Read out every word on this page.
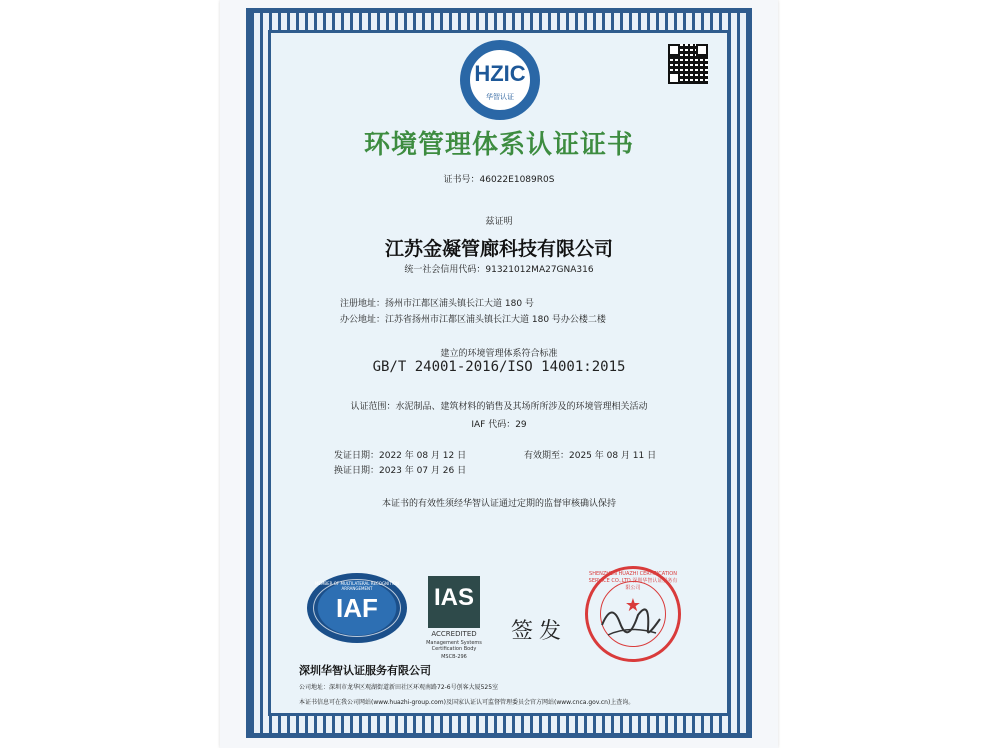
HZIC
华智认证
环境管理体系认证证书
证书号：46022E1089R0S
兹证明
江苏金凝管廊科技有限公司
统一社会信用代码：91321012MA27GNA316
注册地址：扬州市江都区浦头镇长江大道 180 号
办公地址：江苏省扬州市江都区浦头镇长江大道 180 号办公楼二楼
建立的环境管理体系符合标准
GB/T 24001-2016/ISO 14001:2015
认证范围：水泥制品、建筑材料的销售及其场所所涉及的环境管理相关活动
IAF 代码：29
发证日期：2022 年 08 月 12 日	有效期至：2025 年 08 月 11 日
换证日期：2023 年 07 月 26 日
本证书的有效性须经华智认证通过定期的监督审核确认保持
MEMBER OF MULTILATERAL RECOGNITION ARRANGEMENT
IAF	IAS
ACCREDITED
Management Systems
Certification Body
MSCB-296
签发
SHENZHEN HUAZHI CERTIFICATION SERVICE CO.,LTD 深圳华智认证服务有限公司
★
深圳华智认证服务有限公司
公司地址：深圳市龙华区观湖街道新田社区环观南路72-6号创客大厦525室
本证书信息可在我公司网站(www.huazhi-group.com)及国家认证认可监督管理委员会官方网站(www.cnca.gov.cn)上查询。
